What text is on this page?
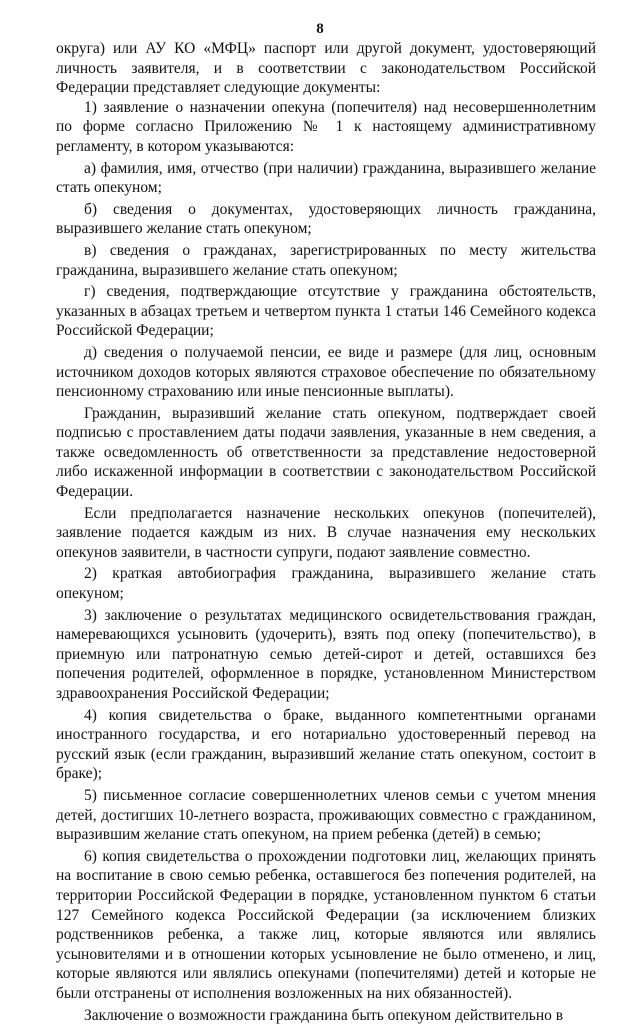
8

округа) или АУ КО «МФЦ» паспорт или другой документ, удостоверяющий личность заявителя, и в соответствии с законодательством Российской Федерации представляет следующие документы:

1) заявление о назначении опекуна (попечителя) над несовершеннолетним по форме согласно Приложению № 1 к настоящему административному регламенту, в котором указываются:

а) фамилия, имя, отчество (при наличии) гражданина, выразившего желание стать опекуном;

б) сведения о документах, удостоверяющих личность гражданина, выразившего желание стать опекуном;

в) сведения о гражданах, зарегистрированных по месту жительства гражданина, выразившего желание стать опекуном;

г) сведения, подтверждающие отсутствие у гражданина обстоятельств, указанных в абзацах третьем и четвертом пункта 1 статьи 146 Семейного кодекса Российской Федерации;

д) сведения о получаемой пенсии, ее виде и размере (для лиц, основным источником доходов которых являются страховое обеспечение по обязательному пенсионному страхованию или иные пенсионные выплаты).

Гражданин, выразивший желание стать опекуном, подтверждает своей подписью с проставлением даты подачи заявления, указанные в нем сведения, а также осведомленность об ответственности за представление недостоверной либо искаженной информации в соответствии с законодательством Российской Федерации.

Если предполагается назначение нескольких опекунов (попечителей), заявление подается каждым из них. В случае назначения ему нескольких опекунов заявители, в частности супруги, подают заявление совместно.

2) краткая автобиография гражданина, выразившего желание стать опекуном;

3) заключение о результатах медицинского освидетельствования граждан, намеревающихся усыновить (удочерить), взять под опеку (попечительство), в приемную или патронатную семью детей-сирот и детей, оставшихся без попечения родителей, оформленное в порядке, установленном Министерством здравоохранения Российской Федерации;

4) копия свидетельства о браке, выданного компетентными органами иностранного государства, и его нотариально удостоверенный перевод на русский язык (если гражданин, выразивший желание стать опекуном, состоит в браке);

5) письменное согласие совершеннолетних членов семьи с учетом мнения детей, достигших 10-летнего возраста, проживающих совместно с гражданином, выразившим желание стать опекуном, на прием ребенка (детей) в семью;

6) копия свидетельства о прохождении подготовки лиц, желающих принять на воспитание в свою семью ребенка, оставшегося без попечения родителей, на территории Российской Федерации в порядке, установленном пунктом 6 статьи 127 Семейного кодекса Российской Федерации (за исключением близких родственников ребенка, а также лиц, которые являются или являлись усыновителями и в отношении которых усыновление не было отменено, и лиц, которые являются или являлись опекунами (попечителями) детей и которые не были отстранены от исполнения возложенных на них обязанностей).

Заключение о возможности гражданина быть опекуном действительно в
